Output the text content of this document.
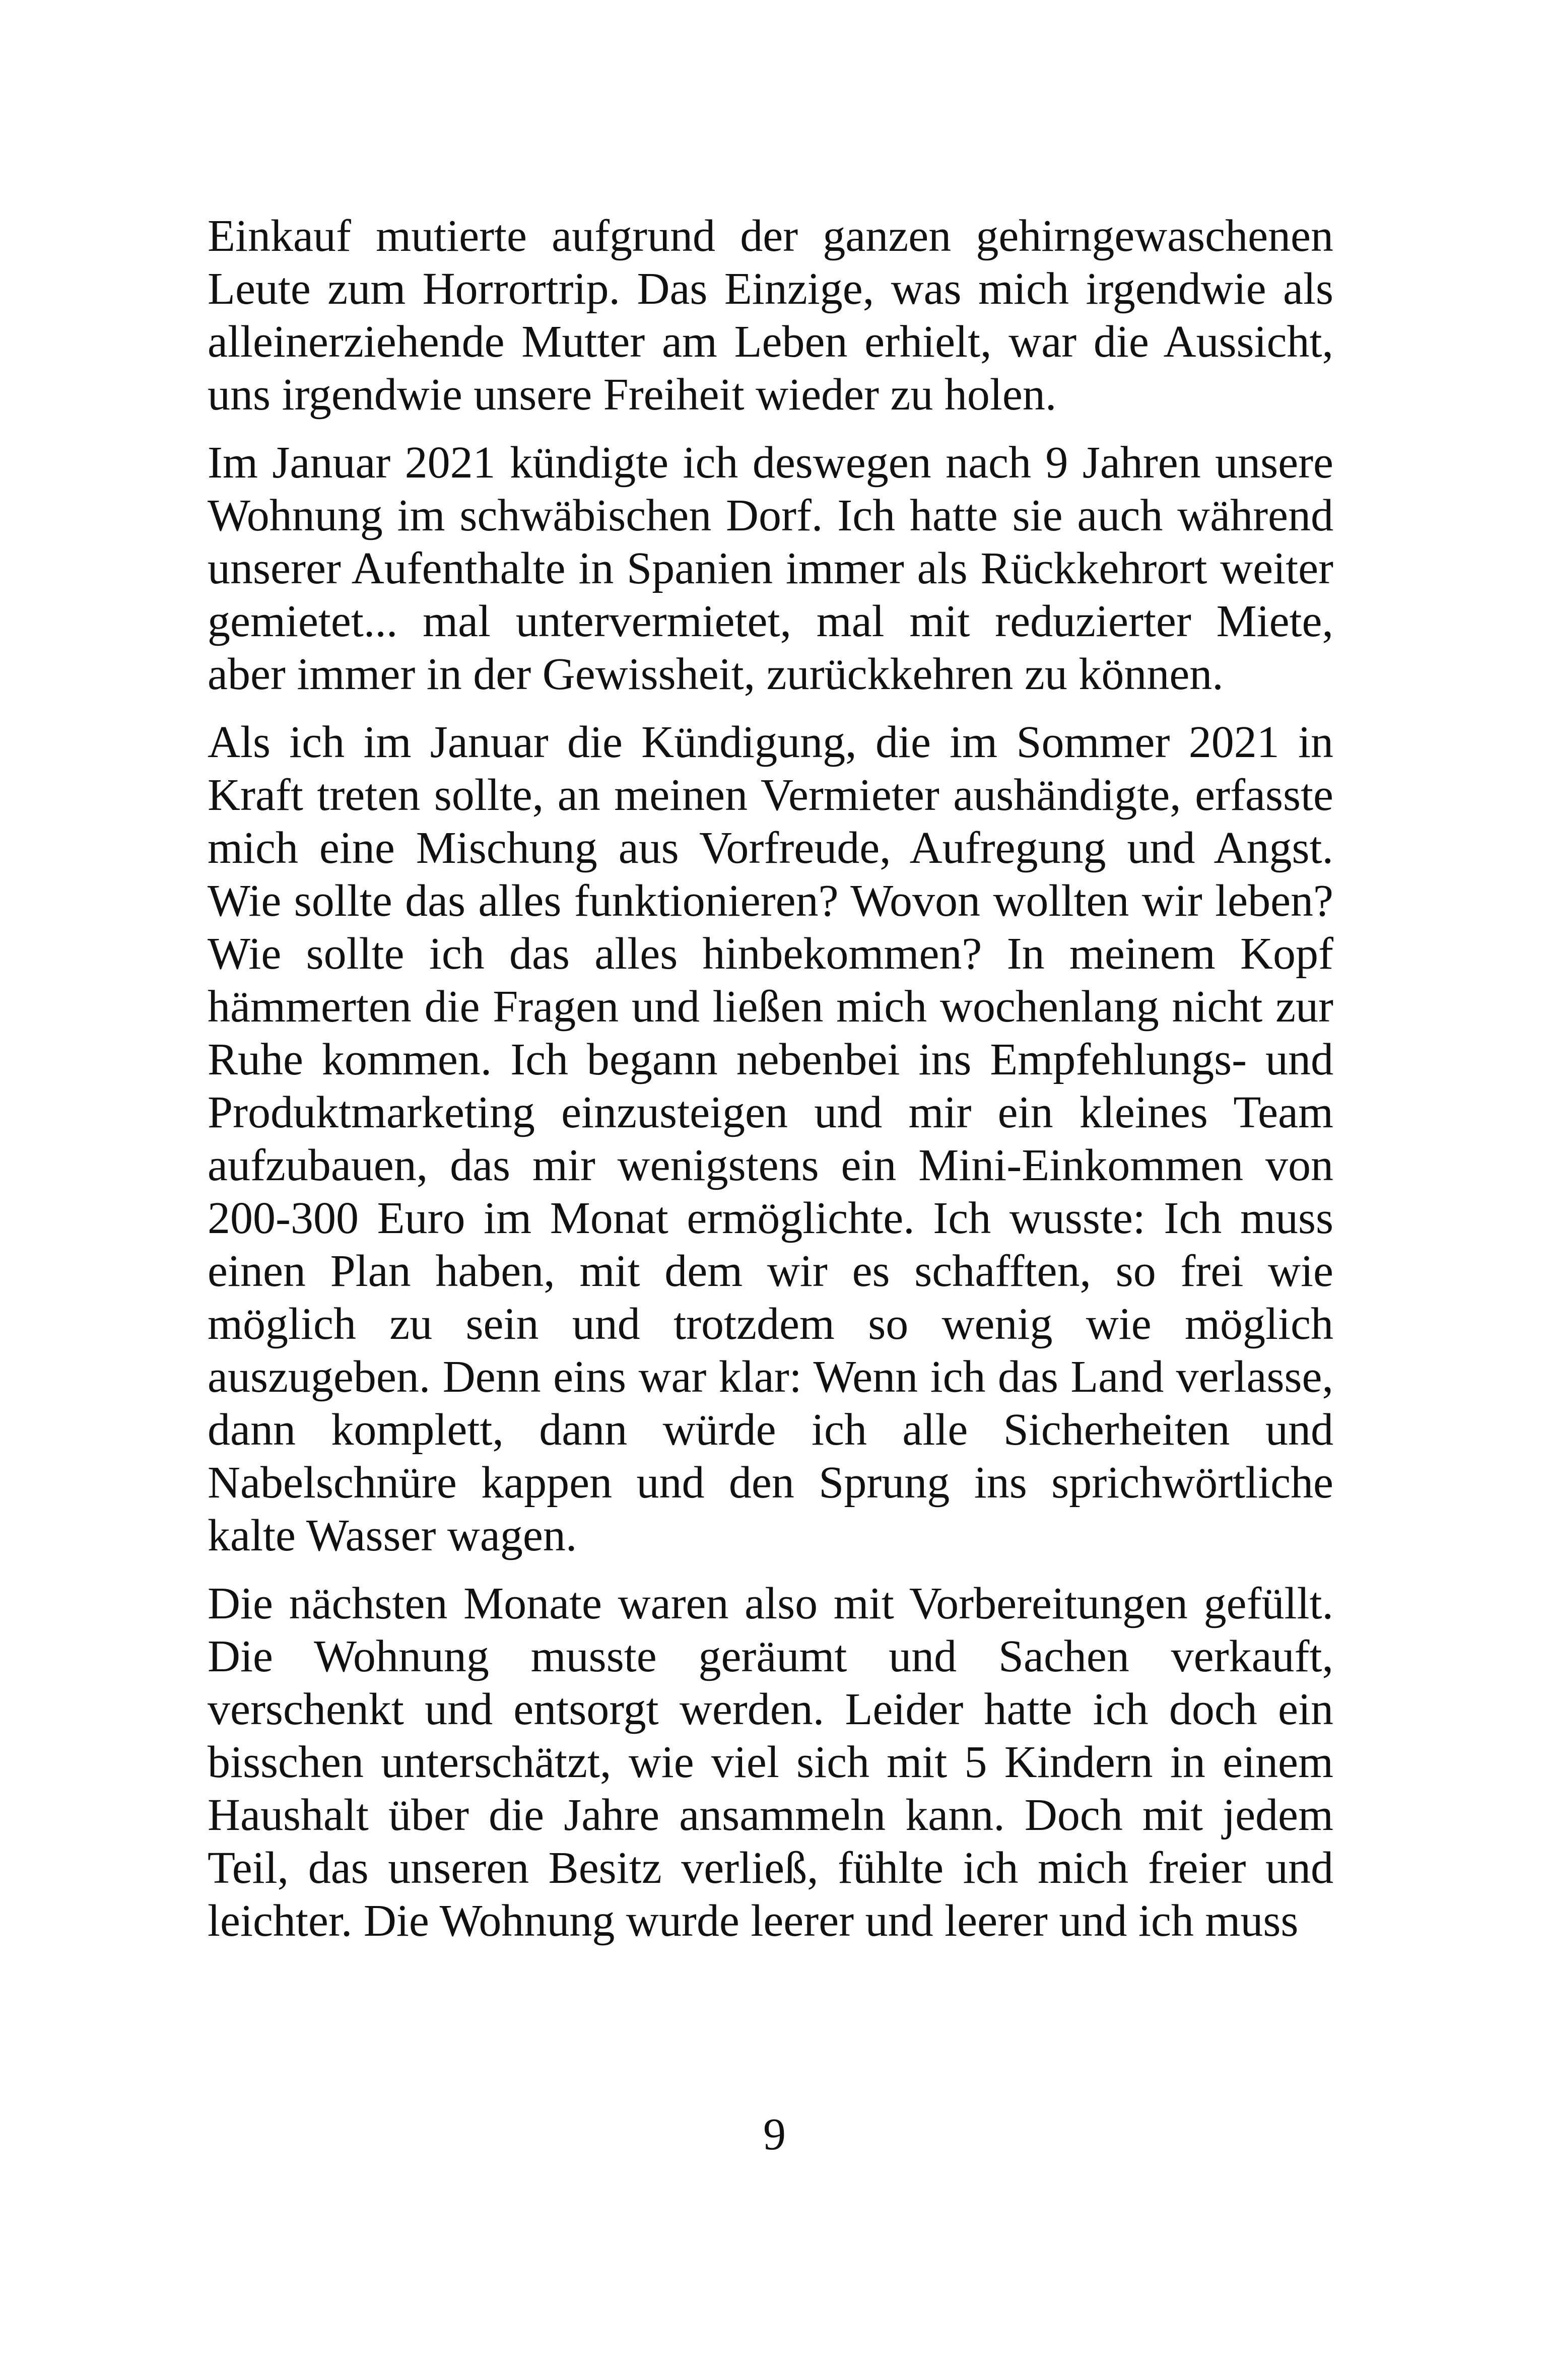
Einkauf mutierte aufgrund der ganzen gehirngewaschenen Leute zum Horrortrip. Das Einzige, was mich irgendwie als alleinerziehende Mutter am Leben erhielt, war die Aussicht, uns irgendwie unsere Freiheit wieder zu holen.

Im Januar 2021 kündigte ich deswegen nach 9 Jahren unsere Wohnung im schwäbischen Dorf. Ich hatte sie auch während unserer Aufenthalte in Spanien immer als Rückkehrort weiter gemietet... mal untervermietet, mal mit reduzierter Miete, aber immer in der Gewissheit, zurückkehren zu können.

Als ich im Januar die Kündigung, die im Sommer 2021 in Kraft treten sollte, an meinen Vermieter aushändigte, erfasste mich eine Mischung aus Vorfreude, Aufregung und Angst. Wie sollte das alles funktionieren? Wovon wollten wir leben? Wie sollte ich das alles hinbekommen? In meinem Kopf hämmerten die Fragen und ließen mich wochenlang nicht zur Ruhe kommen. Ich begann nebenbei ins Empfehlungs- und Produktmarketing einzusteigen und mir ein kleines Team aufzubauen, das mir wenigstens ein Mini-Einkommen von 200-300 Euro im Monat ermöglichte. Ich wusste: Ich muss einen Plan haben, mit dem wir es schafften, so frei wie möglich zu sein und trotzdem so wenig wie möglich auszugeben. Denn eins war klar: Wenn ich das Land verlasse, dann komplett, dann würde ich alle Sicherheiten und Nabelschnüre kappen und den Sprung ins sprichwörtliche kalte Wasser wagen.

Die nächsten Monate waren also mit Vorbereitungen gefüllt. Die Wohnung musste geräumt und Sachen verkauft, verschenkt und entsorgt werden. Leider hatte ich doch ein bisschen unterschätzt, wie viel sich mit 5 Kindern in einem Haushalt über die Jahre ansammeln kann. Doch mit jedem Teil, das unseren Besitz verließ, fühlte ich mich freier und leichter. Die Wohnung wurde leerer und leerer und ich muss

9
